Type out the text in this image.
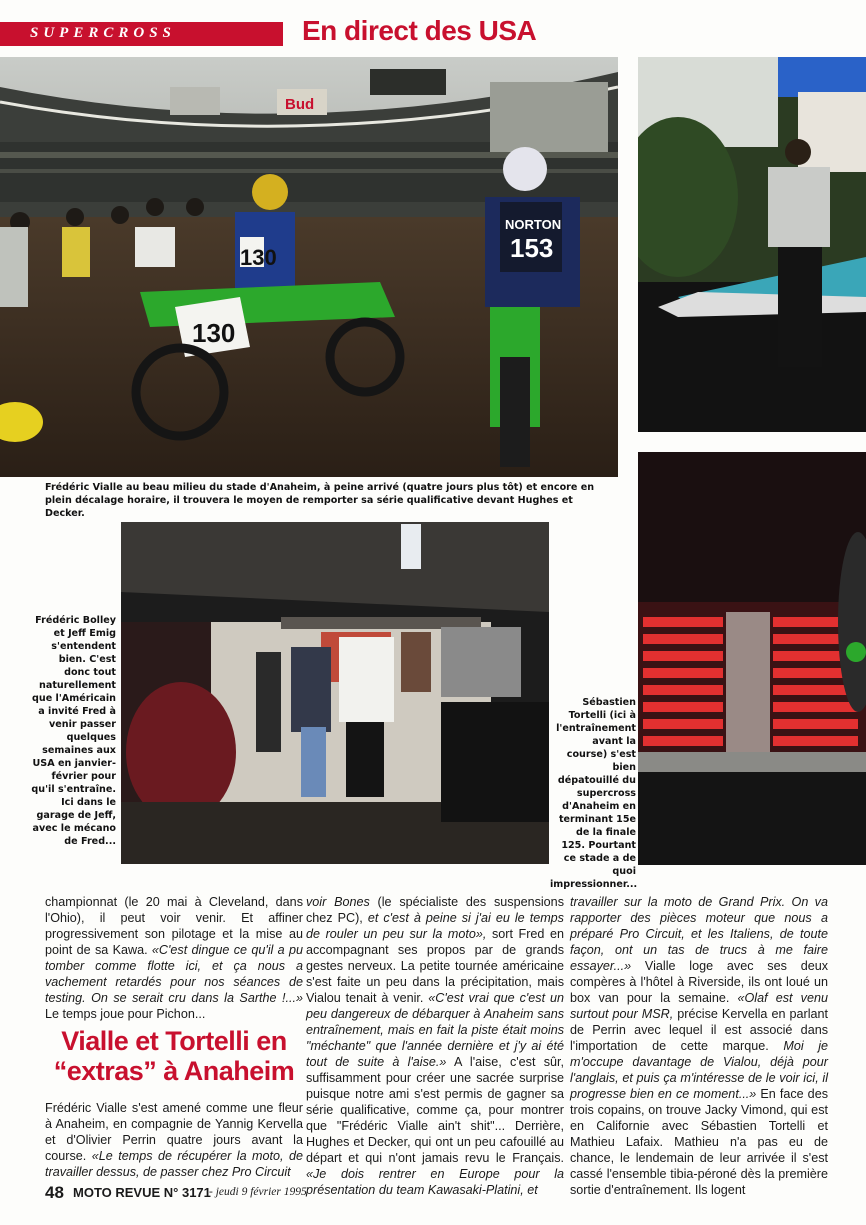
SUPERCROSS	En direct des USA
Bud
130
130
NORTON
153
Frédéric Vialle au beau milieu du stade d'Anaheim, à peine arrivé (quatre jours plus tôt) et encore en plein décalage horaire, il trouvera le moyen de remporter sa série qualificative devant Hughes et Decker.
Frédéric Bolley et Jeff Emig s'entendent bien. C'est donc tout naturellement que l'Américain a invité Fred à venir passer quelques semaines aux USA en janvier-février pour qu'il s'entraîne. Ici dans le garage de Jeff, avec le mécano de Fred...
Sébastien Tortelli (ici à l'entraînement avant la course) s'est bien dépatouillé du supercross d'Anaheim en terminant 15e de la finale 125. Pourtant ce stade a de quoi impressionner...

championnat (le 20 mai à Cleveland, dans l'Ohio), il peut voir venir. Et affiner progressivement son pilotage et la mise au point de sa Kawa. «C'est dingue ce qu'il a pu tomber comme flotte ici, et ça nous a vachement retardés pour nos séances de testing. On se serait cru dans la Sarthe !...» Le temps joue pour Pichon...

Vialle et Tortelli en “extras” à Anaheim

Frédéric Vialle s'est amené comme une fleur à Anaheim, en compagnie de Yannig Kervella et d'Olivier Perrin quatre jours avant la course. «Le temps de récupérer la moto, de travailler dessus, de passer chez Pro Circuit

voir Bones (le spécialiste des suspensions chez PC), et c'est à peine si j'ai eu le temps de rouler un peu sur la moto», sort Fred en accompagnant ses propos par de grands gestes nerveux. La petite tournée américaine s'est faite un peu dans la précipitation, mais Vialou tenait à venir. «C'est vrai que c'est un peu dangereux de débarquer à Anaheim sans entraînement, mais en fait la piste était moins "méchante" que l'année dernière et j'y ai été tout de suite à l'aise.» A l'aise, c'est sûr, suffisamment pour créer une sacrée surprise puisque notre ami s'est permis de gagner sa série qualificative, comme ça, pour montrer que "Frédéric Vialle ain't shit"... Derrière, Hughes et Decker, qui ont un peu cafouillé au départ et qui n'ont jamais revu le Français. «Je dois rentrer en Europe pour la présentation du team Kawasaki-Platini, et

travailler sur la moto de Grand Prix. On va rapporter des pièces moteur que nous a préparé Pro Circuit, et les Italiens, de toute façon, ont un tas de trucs à me faire essayer...» Vialle loge avec ses deux compères à l'hôtel à Riverside, ils ont loué un box van pour la semaine. «Olaf est venu surtout pour MSR, précise Kervella en parlant de Perrin avec lequel il est associé dans l'importation de cette marque. Moi je m'occupe davantage de Vialou, déjà pour l'anglais, et puis ça m'intéresse de le voir ici, il progresse bien en ce moment...» En face des trois copains, on trouve Jacky Vimond, qui est en Californie avec Sébastien Tortelli et Mathieu Lafaix. Mathieu n'a pas eu de chance, le lendemain de leur arrivée il s'est cassé l'ensemble tibia-péroné dès la première sortie d'entraînement. Ils logent

48 MOTO REVUE N° 3171
- jeudi 9 février 1995
